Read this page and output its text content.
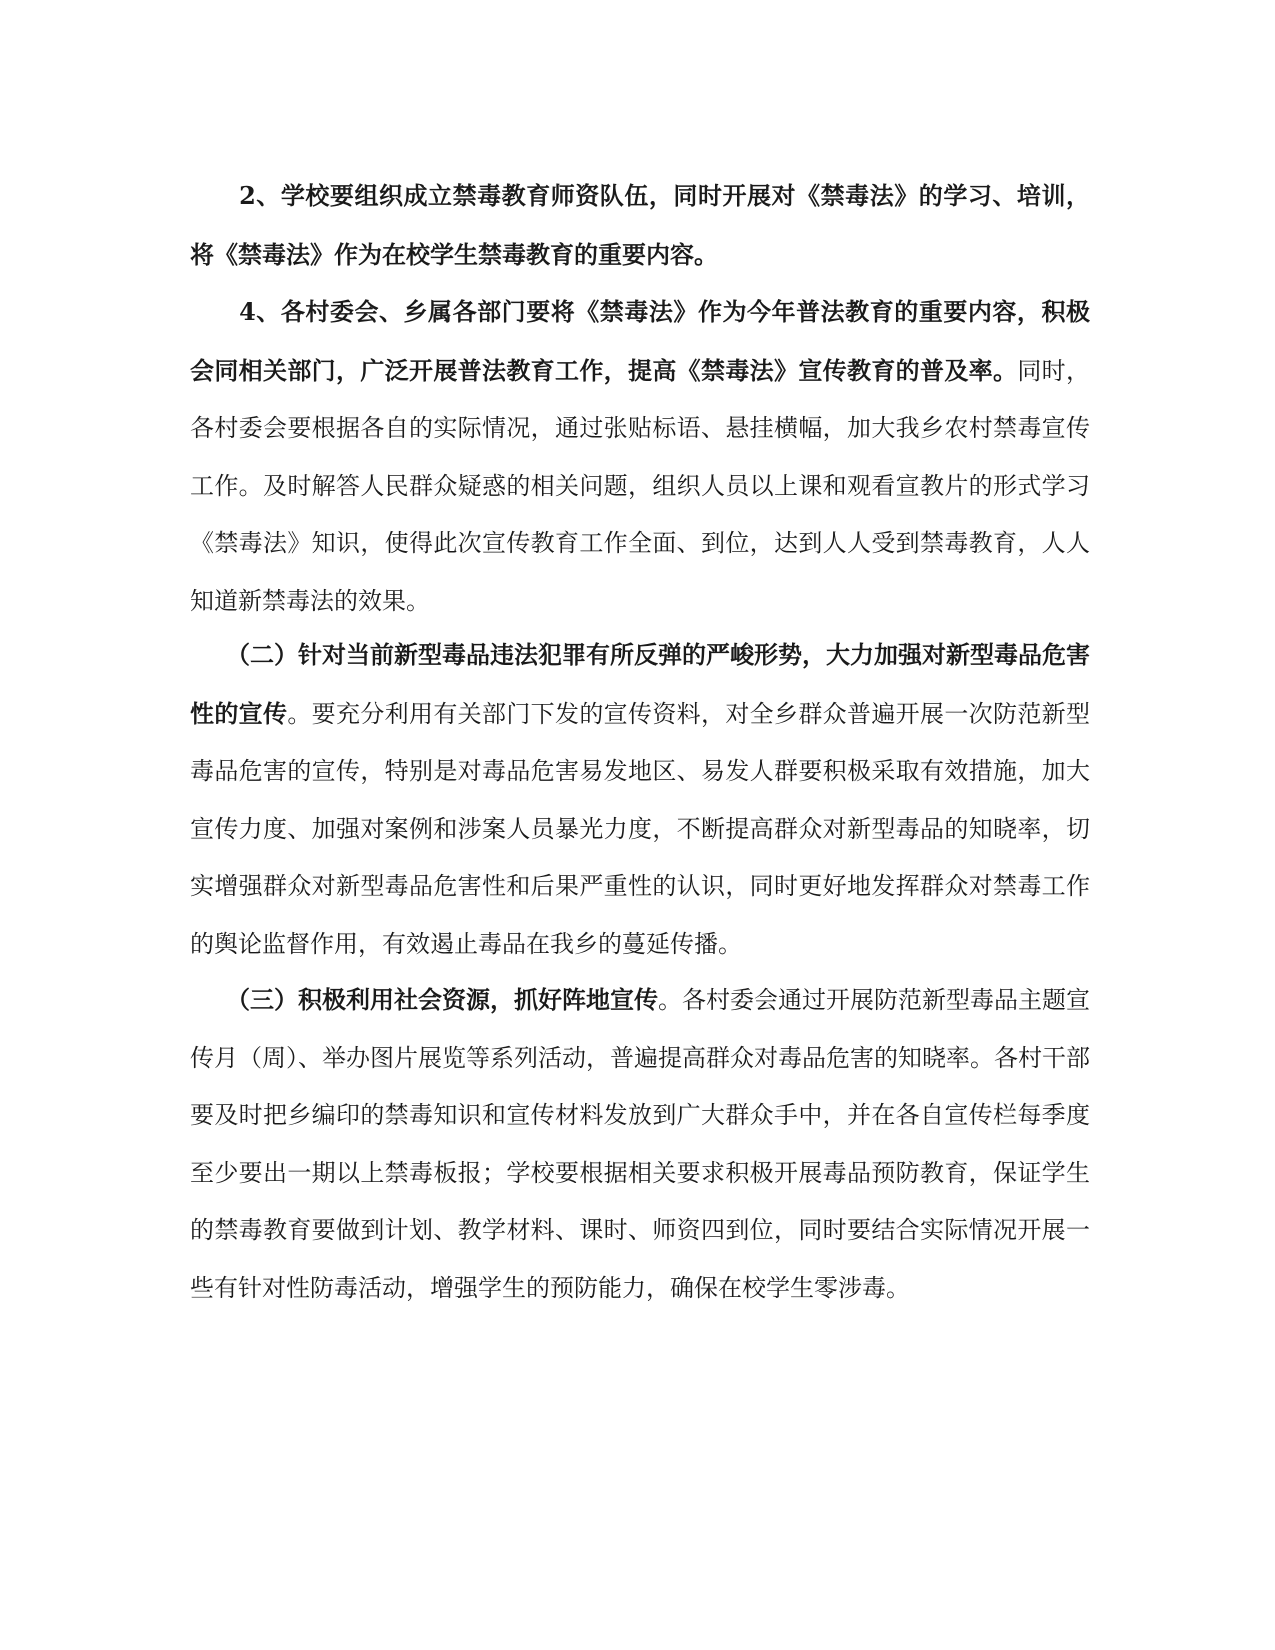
　　2、学校要组织成立禁毒教育师资队伍，同时开展对《禁毒法》的学习、培训，将《禁毒法》作为在校学生禁毒教育的重要内容。

　　4、各村委会、乡属各部门要将《禁毒法》作为今年普法教育的重要内容，积极会同相关部门，广泛开展普法教育工作，提高《禁毒法》宣传教育的普及率。同时，各村委会要根据各自的实际情况，通过张贴标语、悬挂横幅，加大我乡农村禁毒宣传工作。及时解答人民群众疑惑的相关问题，组织人员以上课和观看宣教片的形式学习《禁毒法》知识，使得此次宣传教育工作全面、到位，达到人人受到禁毒教育，人人知道新禁毒法的效果。

　　（二）针对当前新型毒品违法犯罪有所反弹的严峻形势，大力加强对新型毒品危害性的宣传。要充分利用有关部门下发的宣传资料，对全乡群众普遍开展一次防范新型毒品危害的宣传，特别是对毒品危害易发地区、易发人群要积极采取有效措施，加大宣传力度、加强对案例和涉案人员暴光力度，不断提高群众对新型毒品的知晓率，切实增强群众对新型毒品危害性和后果严重性的认识，同时更好地发挥群众对禁毒工作的舆论监督作用，有效遏止毒品在我乡的蔓延传播。

　　（三）积极利用社会资源，抓好阵地宣传。各村委会通过开展防范新型毒品主题宣传月（周）、举办图片展览等系列活动，普遍提高群众对毒品危害的知晓率。各村干部要及时把乡编印的禁毒知识和宣传材料发放到广大群众手中，并在各自宣传栏每季度至少要出一期以上禁毒板报；学校要根据相关要求积极开展毒品预防教育，保证学生的禁毒教育要做到计划、教学材料、课时、师资四到位，同时要结合实际情况开展一些有针对性防毒活动，增强学生的预防能力，确保在校学生零涉毒。
